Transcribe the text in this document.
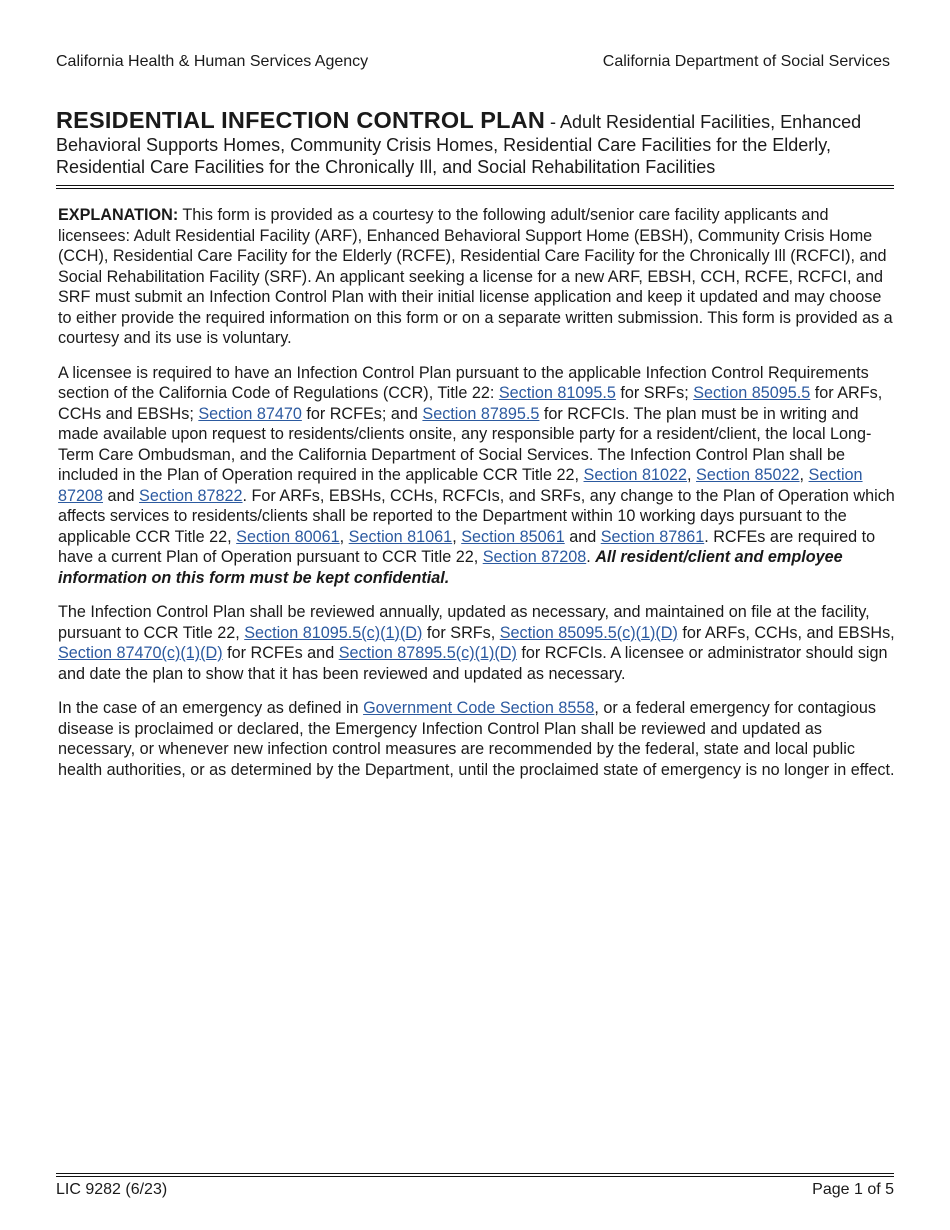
California Health & Human Services Agency	California Department of Social Services
RESIDENTIAL INFECTION CONTROL PLAN - Adult Residential Facilities, Enhanced Behavioral Supports Homes, Community Crisis Homes, Residential Care Facilities for the Elderly, Residential Care Facilities for the Chronically Ill, and Social Rehabilitation Facilities

EXPLANATION: This form is provided as a courtesy to the following adult/senior care facility applicants and licensees: Adult Residential Facility (ARF), Enhanced Behavioral Support Home (EBSH), Community Crisis Home (CCH), Residential Care Facility for the Elderly (RCFE), Residential Care Facility for the Chronically Ill (RCFCI), and Social Rehabilitation Facility (SRF). An applicant seeking a license for a new ARF, EBSH, CCH, RCFE, RCFCI, and SRF must submit an Infection Control Plan with their initial license application and keep it updated and may choose to either provide the required information on this form or on a separate written submission. This form is provided as a courtesy and its use is voluntary.

A licensee is required to have an Infection Control Plan pursuant to the applicable Infection Control Requirements section of the California Code of Regulations (CCR), Title 22: Section 81095.5 for SRFs; Section 85095.5 for ARFs, CCHs and EBSHs; Section 87470 for RCFEs; and Section 87895.5 for RCFCIs. The plan must be in writing and made available upon request to residents/clients onsite, any responsible party for a resident/client, the local Long-Term Care Ombudsman, and the California Department of Social Services. The Infection Control Plan shall be included in the Plan of Operation required in the applicable CCR Title 22, Section 81022, Section 85022, Section 87208 and Section 87822. For ARFs, EBSHs, CCHs, RCFCIs, and SRFs, any change to the Plan of Operation which affects services to residents/clients shall be reported to the Department within 10 working days pursuant to the applicable CCR Title 22, Section 80061, Section 81061, Section 85061 and Section 87861. RCFEs are required to have a current Plan of Operation pursuant to CCR Title 22, Section 87208. All resident/client and employee information on this form must be kept confidential.

The Infection Control Plan shall be reviewed annually, updated as necessary, and maintained on file at the facility, pursuant to CCR Title 22, Section 81095.5(c)(1)(D) for SRFs, Section 85095.5(c)(1)(D) for ARFs, CCHs, and EBSHs, Section 87470(c)(1)(D) for RCFEs and Section 87895.5(c)(1)(D) for RCFCIs. A licensee or administrator should sign and date the plan to show that it has been reviewed and updated as necessary.

In the case of an emergency as defined in Government Code Section 8558, or a federal emergency for contagious disease is proclaimed or declared, the Emergency Infection Control Plan shall be reviewed and updated as necessary, or whenever new infection control measures are recommended by the federal, state and local public health authorities, or as determined by the Department, until the proclaimed state of emergency is no longer in effect.

LIC 9282 (6/23)	Page 1 of 5
